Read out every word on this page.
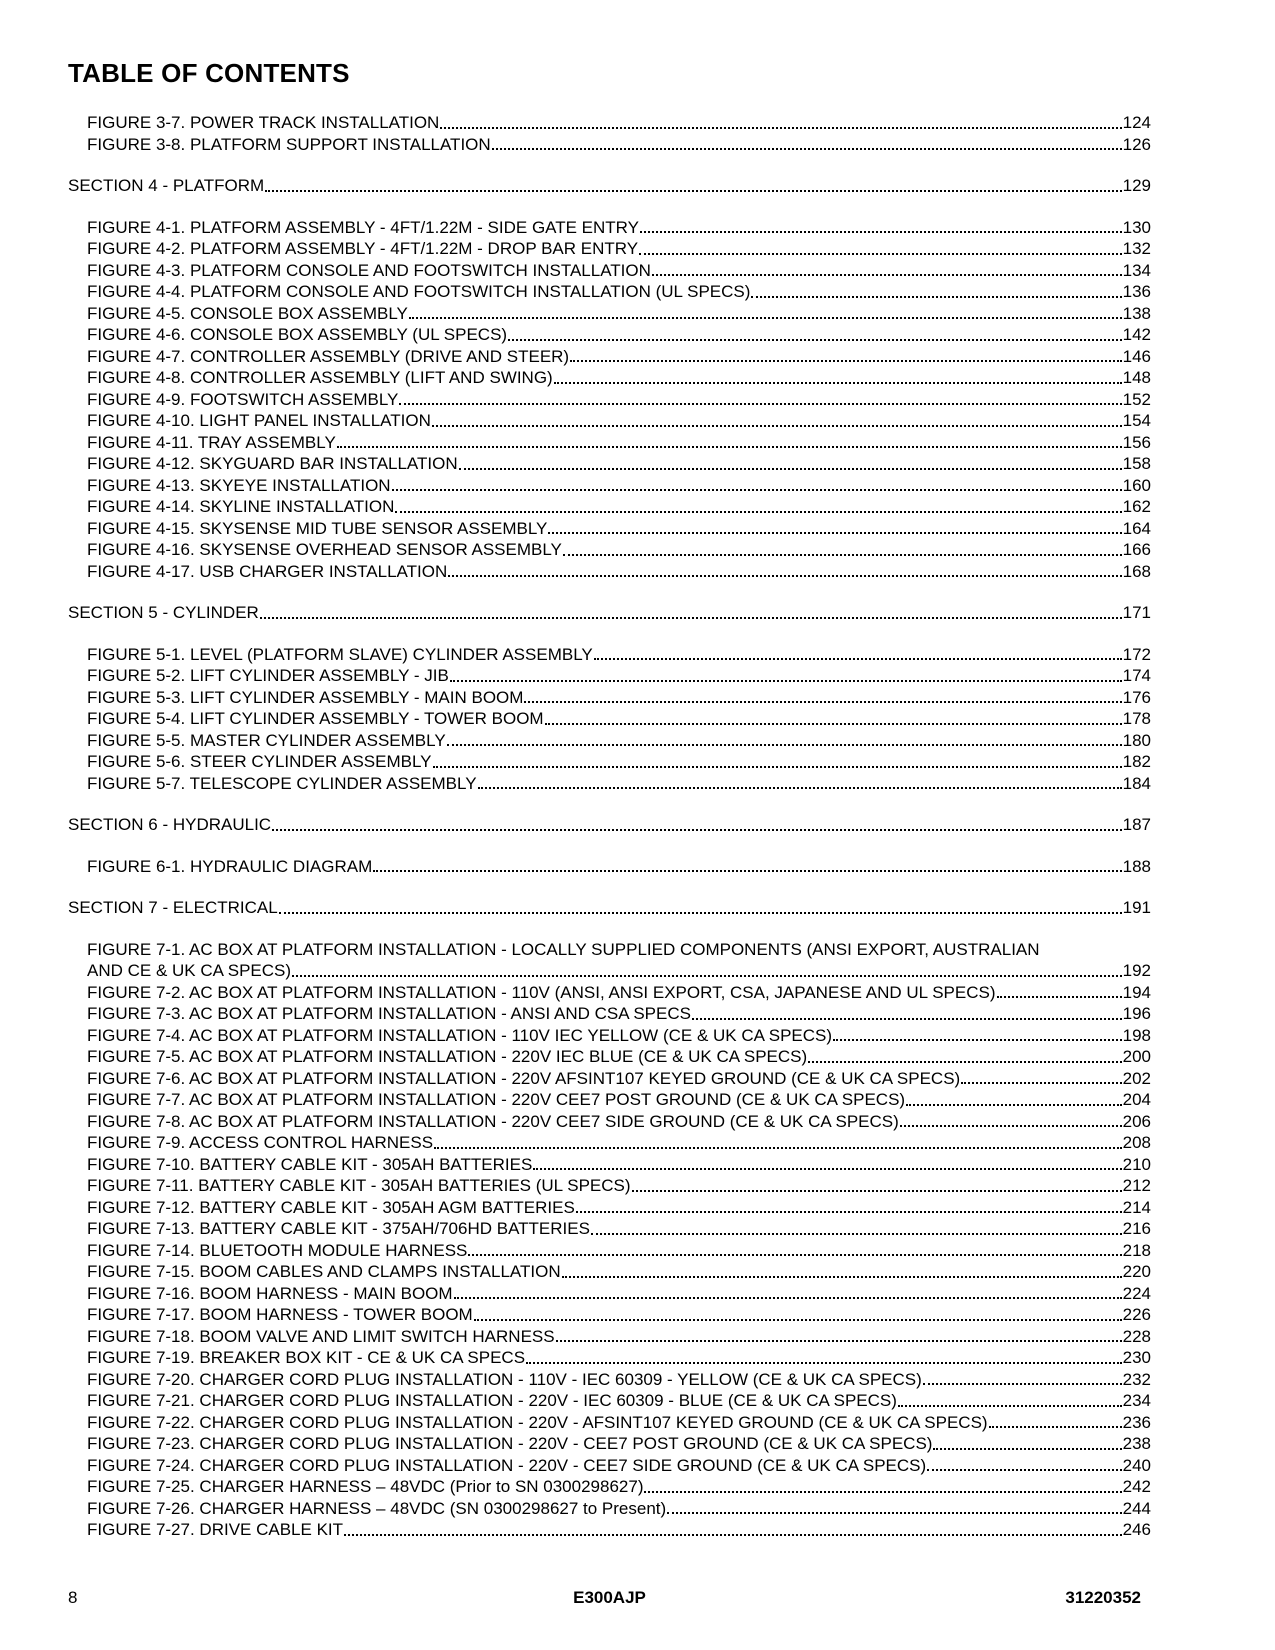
TABLE OF CONTENTS
FIGURE 3-7. POWER TRACK INSTALLATION	124
FIGURE 3-8. PLATFORM SUPPORT INSTALLATION	126
SECTION 4 - PLATFORM	129
FIGURE 4-1. PLATFORM ASSEMBLY - 4FT/1.22M - SIDE GATE ENTRY	130
FIGURE 4-2. PLATFORM ASSEMBLY - 4FT/1.22M - DROP BAR ENTRY	132
FIGURE 4-3. PLATFORM CONSOLE AND FOOTSWITCH INSTALLATION	134
FIGURE 4-4. PLATFORM CONSOLE AND FOOTSWITCH INSTALLATION (UL SPECS)	136
FIGURE 4-5. CONSOLE BOX ASSEMBLY	138
FIGURE 4-6. CONSOLE BOX ASSEMBLY (UL SPECS)	142
FIGURE 4-7. CONTROLLER ASSEMBLY (DRIVE AND STEER)	146
FIGURE 4-8. CONTROLLER ASSEMBLY (LIFT AND SWING)	148
FIGURE 4-9. FOOTSWITCH ASSEMBLY	152
FIGURE 4-10. LIGHT PANEL INSTALLATION	154
FIGURE 4-11. TRAY ASSEMBLY	156
FIGURE 4-12. SKYGUARD BAR INSTALLATION	158
FIGURE 4-13. SKYEYE INSTALLATION	160
FIGURE 4-14. SKYLINE INSTALLATION	162
FIGURE 4-15. SKYSENSE MID TUBE SENSOR ASSEMBLY	164
FIGURE 4-16. SKYSENSE OVERHEAD SENSOR ASSEMBLY	166
FIGURE 4-17. USB CHARGER INSTALLATION	168
SECTION 5 - CYLINDER	171
FIGURE 5-1. LEVEL (PLATFORM SLAVE) CYLINDER ASSEMBLY	172
FIGURE 5-2. LIFT CYLINDER ASSEMBLY - JIB	174
FIGURE 5-3. LIFT CYLINDER ASSEMBLY - MAIN BOOM	176
FIGURE 5-4. LIFT CYLINDER ASSEMBLY - TOWER BOOM	178
FIGURE 5-5. MASTER CYLINDER ASSEMBLY	180
FIGURE 5-6. STEER CYLINDER ASSEMBLY	182
FIGURE 5-7. TELESCOPE CYLINDER ASSEMBLY	184
SECTION 6 - HYDRAULIC	187
FIGURE 6-1. HYDRAULIC DIAGRAM	188
SECTION 7 - ELECTRICAL	191
FIGURE 7-1. AC BOX AT PLATFORM INSTALLATION - LOCALLY SUPPLIED COMPONENTS (ANSI EXPORT, AUSTRALIAN
AND CE & UK CA SPECS)	192
FIGURE 7-2. AC BOX AT PLATFORM INSTALLATION - 110V (ANSI, ANSI EXPORT, CSA, JAPANESE AND UL SPECS)	194
FIGURE 7-3. AC BOX AT PLATFORM INSTALLATION - ANSI AND CSA SPECS	196
FIGURE 7-4. AC BOX AT PLATFORM INSTALLATION - 110V IEC YELLOW (CE & UK CA SPECS)	198
FIGURE 7-5. AC BOX AT PLATFORM INSTALLATION - 220V IEC BLUE (CE & UK CA SPECS)	200
FIGURE 7-6. AC BOX AT PLATFORM INSTALLATION - 220V AFSINT107 KEYED GROUND (CE & UK CA SPECS)	202
FIGURE 7-7. AC BOX AT PLATFORM INSTALLATION - 220V CEE7 POST GROUND (CE & UK CA SPECS)	204
FIGURE 7-8. AC BOX AT PLATFORM INSTALLATION - 220V CEE7 SIDE GROUND (CE & UK CA SPECS)	206
FIGURE 7-9. ACCESS CONTROL HARNESS	208
FIGURE 7-10. BATTERY CABLE KIT - 305AH BATTERIES	210
FIGURE 7-11. BATTERY CABLE KIT - 305AH BATTERIES (UL SPECS)	212
FIGURE 7-12. BATTERY CABLE KIT - 305AH AGM BATTERIES	214
FIGURE 7-13. BATTERY CABLE KIT - 375AH/706HD BATTERIES	216
FIGURE 7-14. BLUETOOTH MODULE HARNESS	218
FIGURE 7-15. BOOM CABLES AND CLAMPS INSTALLATION	220
FIGURE 7-16. BOOM HARNESS - MAIN BOOM	224
FIGURE 7-17. BOOM HARNESS - TOWER BOOM	226
FIGURE 7-18. BOOM VALVE AND LIMIT SWITCH HARNESS	228
FIGURE 7-19. BREAKER BOX KIT - CE & UK CA SPECS	230
FIGURE 7-20. CHARGER CORD PLUG INSTALLATION - 110V - IEC 60309 - YELLOW (CE & UK CA SPECS)	232
FIGURE 7-21. CHARGER CORD PLUG INSTALLATION - 220V - IEC 60309 - BLUE (CE & UK CA SPECS)	234
FIGURE 7-22. CHARGER CORD PLUG INSTALLATION - 220V - AFSINT107 KEYED GROUND (CE & UK CA SPECS)	236
FIGURE 7-23. CHARGER CORD PLUG INSTALLATION - 220V - CEE7 POST GROUND (CE & UK CA SPECS)	238
FIGURE 7-24. CHARGER CORD PLUG INSTALLATION - 220V - CEE7 SIDE GROUND (CE & UK CA SPECS)	240
FIGURE 7-25. CHARGER HARNESS – 48VDC (Prior to SN 0300298627)	242
FIGURE 7-26. CHARGER HARNESS – 48VDC (SN 0300298627 to Present)	244
FIGURE 7-27. DRIVE CABLE KIT	246
8	E300AJP	31220352
